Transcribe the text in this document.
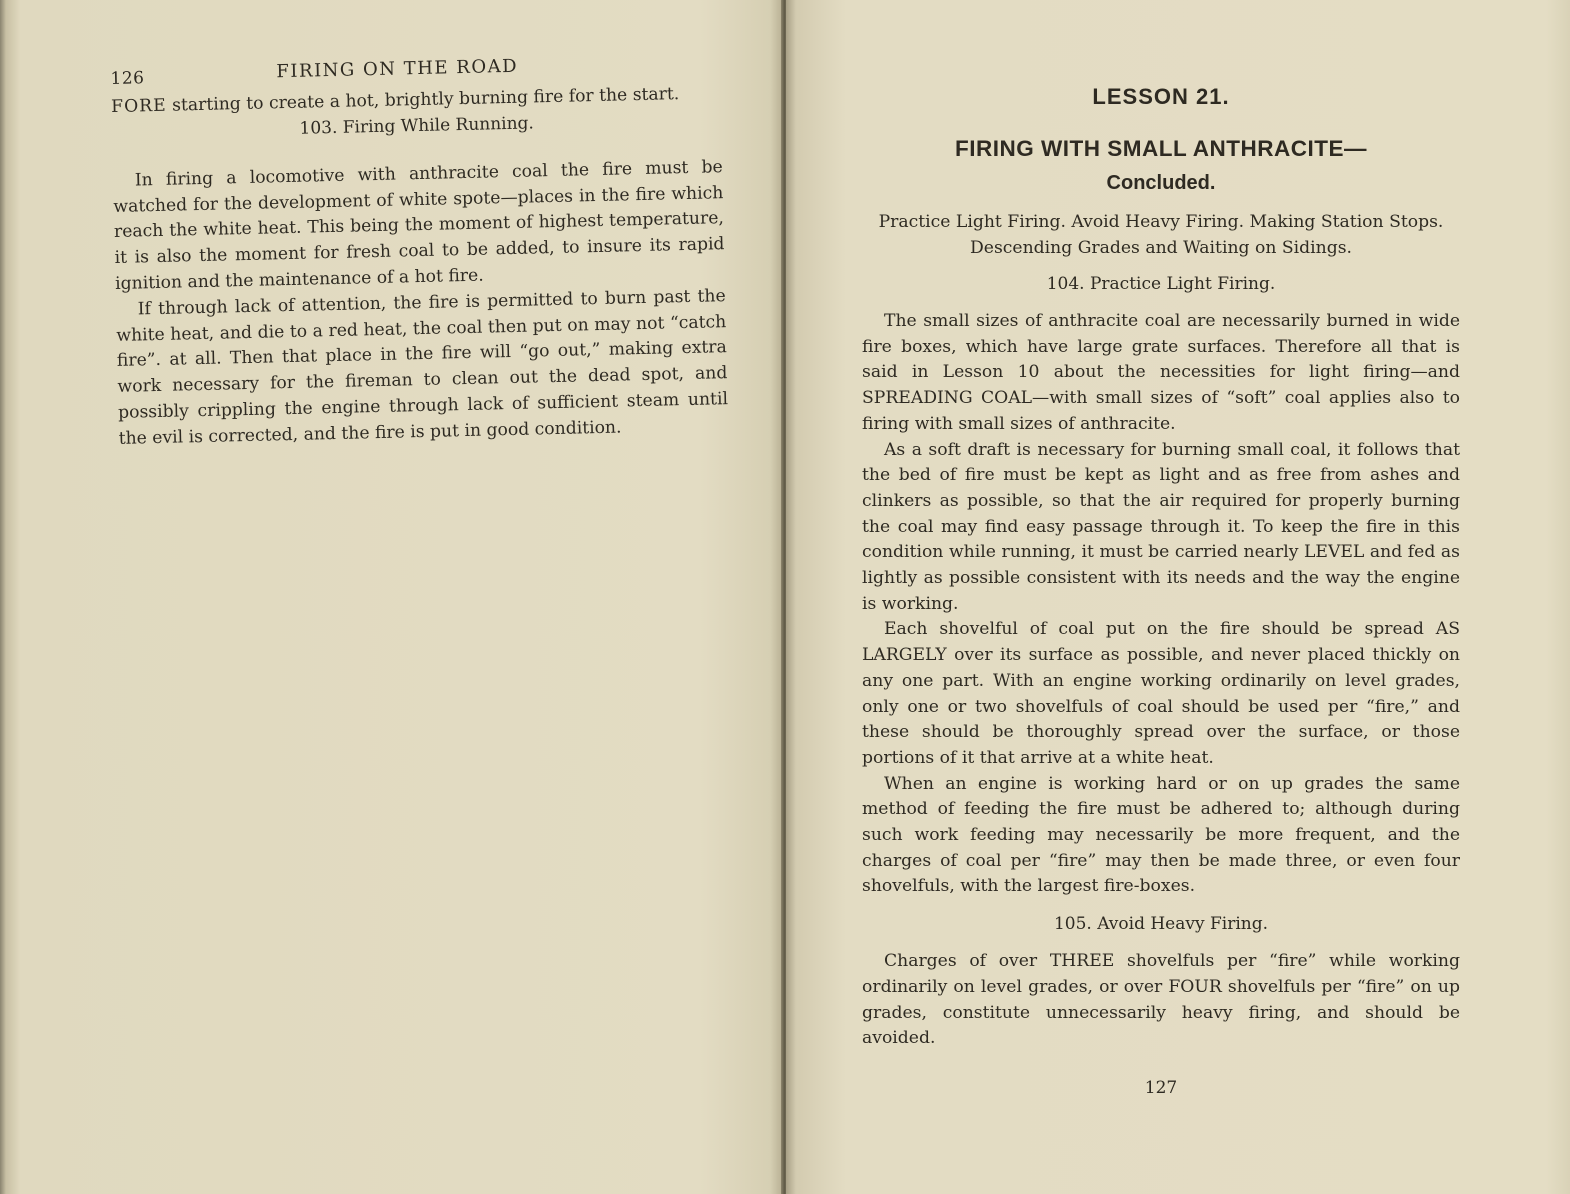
126	FIRING ON THE ROAD

FORE starting to create a hot, brightly burning fire for the start.

103. Firing While Running.

In firing a locomotive with anthracite coal the fire must be watched for the development of white spote—places in the fire which reach the white heat. This being the moment of highest temperature, it is also the moment for fresh coal to be added, to insure its rapid ignition and the maintenance of a hot fire.

If through lack of attention, the fire is permitted to burn past the white heat, and die to a red heat, the coal then put on may not “catch fire”. at all. Then that place in the fire will “go out,” making extra work necessary for the fireman to clean out the dead spot, and possibly crippling the engine through lack of sufficient steam until the evil is corrected, and the fire is put in good condition.

LESSON 21.
FIRING WITH SMALL ANTHRACITE—
Concluded.

Practice Light Firing. Avoid Heavy Firing. Making Station Stops. Descending Grades and Waiting on Sidings.

104. Practice Light Firing.

The small sizes of anthracite coal are necessarily burned in wide fire boxes, which have large grate surfaces. Therefore all that is said in Lesson 10 about the necessities for light firing—and SPREADING COAL—with small sizes of “soft” coal applies also to firing with small sizes of anthracite.

As a soft draft is necessary for burning small coal, it follows that the bed of fire must be kept as light and as free from ashes and clinkers as possible, so that the air required for properly burning the coal may find easy passage through it. To keep the fire in this condition while running, it must be carried nearly LEVEL and fed as lightly as possible consistent with its needs and the way the engine is working.

Each shovelful of coal put on the fire should be spread AS LARGELY over its surface as possible, and never placed thickly on any one part. With an engine working ordinarily on level grades, only one or two shovelfuls of coal should be used per “fire,” and these should be thoroughly spread over the surface, or those portions of it that arrive at a white heat.

When an engine is working hard or on up grades the same method of feeding the fire must be adhered to; although during such work feeding may necessarily be more frequent, and the charges of coal per “fire” may then be made three, or even four shovelfuls, with the largest fire-boxes.

105. Avoid Heavy Firing.

Charges of over THREE shovelfuls per “fire” while working ordinarily on level grades, or over FOUR shovelfuls per “fire” on up grades, constitute unnecessarily heavy firing, and should be avoided.

127
